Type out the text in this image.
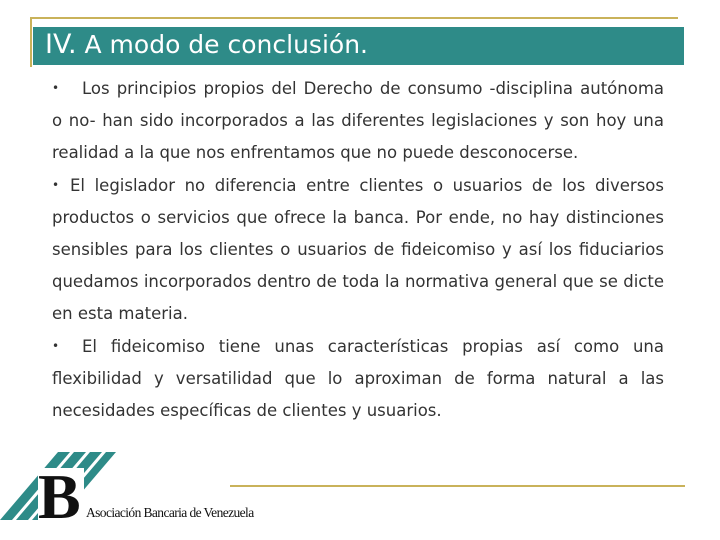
IV. A modo de conclusión.

• Los principios propios del Derecho de consumo -disciplina autónoma o no- han sido incorporados a las diferentes legislaciones y son hoy una realidad a la que nos enfrentamos que no puede desconocerse.

• El legislador no diferencia entre clientes o usuarios de los diversos productos o servicios que ofrece la banca. Por ende, no hay distinciones sensibles para los clientes o usuarios de fideicomiso y así los fiduciarios quedamos incorporados dentro de toda la normativa general que se dicte en esta materia.

• El fideicomiso tiene unas características propias así como una flexibilidad y versatilidad que lo aproximan de forma natural a las necesidades específicas de clientes y usuarios.

B Asociación Bancaria de Venezuela
